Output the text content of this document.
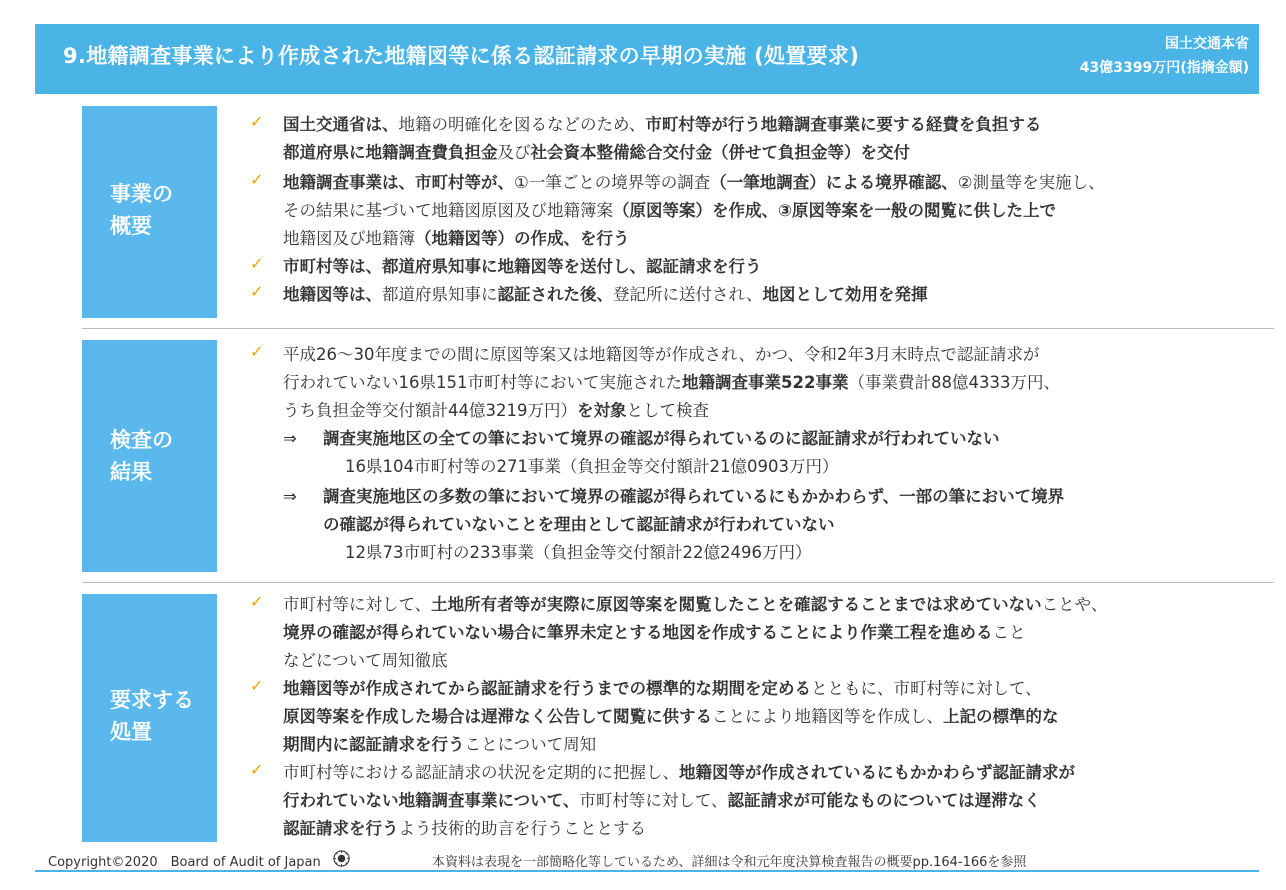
9.地籍調査事業により作成された地籍図等に係る認証請求の早期の実施 (処置要求)	国土交通本省
43億3399万円(指摘金額)
事業の
概要
検査の
結果
要求する
処置
✓ 国土交通省は、地籍の明確化を図るなどのため、市町村等が行う地籍調査事業に要する経費を負担する
都道府県に地籍調査費負担金及び社会資本整備総合交付金（併せて負担金等）を交付
✓ 地籍調査事業は、市町村等が、①一筆ごとの境界等の調査（一筆地調査）による境界確認、②測量等を実施し、
その結果に基づいて地籍図原図及び地籍簿案（原図等案）を作成、③原図等案を一般の閲覧に供した上で
地籍図及び地籍簿（地籍図等）の作成、を行う
✓ 市町村等は、都道府県知事に地籍図等を送付し、認証請求を行う
✓ 地籍図等は、都道府県知事に認証された後、登記所に送付され、地図として効用を発揮
✓ 平成26～30年度までの間に原図等案又は地籍図等が作成され、かつ、令和2年3月末時点で認証請求が
行われていない16県151市町村等において実施された地籍調査事業522事業（事業費計88億4333万円、
うち負担金等交付額計44億3219万円）を対象として検査
⇒ 調査実施地区の全ての筆において境界の確認が得られているのに認証請求が行われていない
16県104市町村等の271事業（負担金等交付額計21億0903万円）
⇒ 調査実施地区の多数の筆において境界の確認が得られているにもかかわらず、一部の筆において境界
の確認が得られていないことを理由として認証請求が行われていない
12県73市町村の233事業（負担金等交付額計22億2496万円）
✓ 市町村等に対して、土地所有者等が実際に原図等案を閲覧したことを確認することまでは求めていないことや、
境界の確認が得られていない場合に筆界未定とする地図を作成することにより作業工程を進めること
などについて周知徹底
✓ 地籍図等が作成されてから認証請求を行うまでの標準的な期間を定めるとともに、市町村等に対して、
原図等案を作成した場合は遅滞なく公告して閲覧に供することにより地籍図等を作成し、上記の標準的な
期間内に認証請求を行うことについて周知
✓ 市町村等における認証請求の状況を定期的に把握し、地籍図等が作成されているにもかかわらず認証請求が
行われていない地籍調査事業について、市町村等に対して、認証請求が可能なものについては遅滞なく
認証請求を行うよう技術的助言を行うこととする
Copyright©2020　Board of Audit of Japan	本資料は表現を一部簡略化等しているため、詳細は令和元年度決算検査報告の概要pp.164-166を参照
